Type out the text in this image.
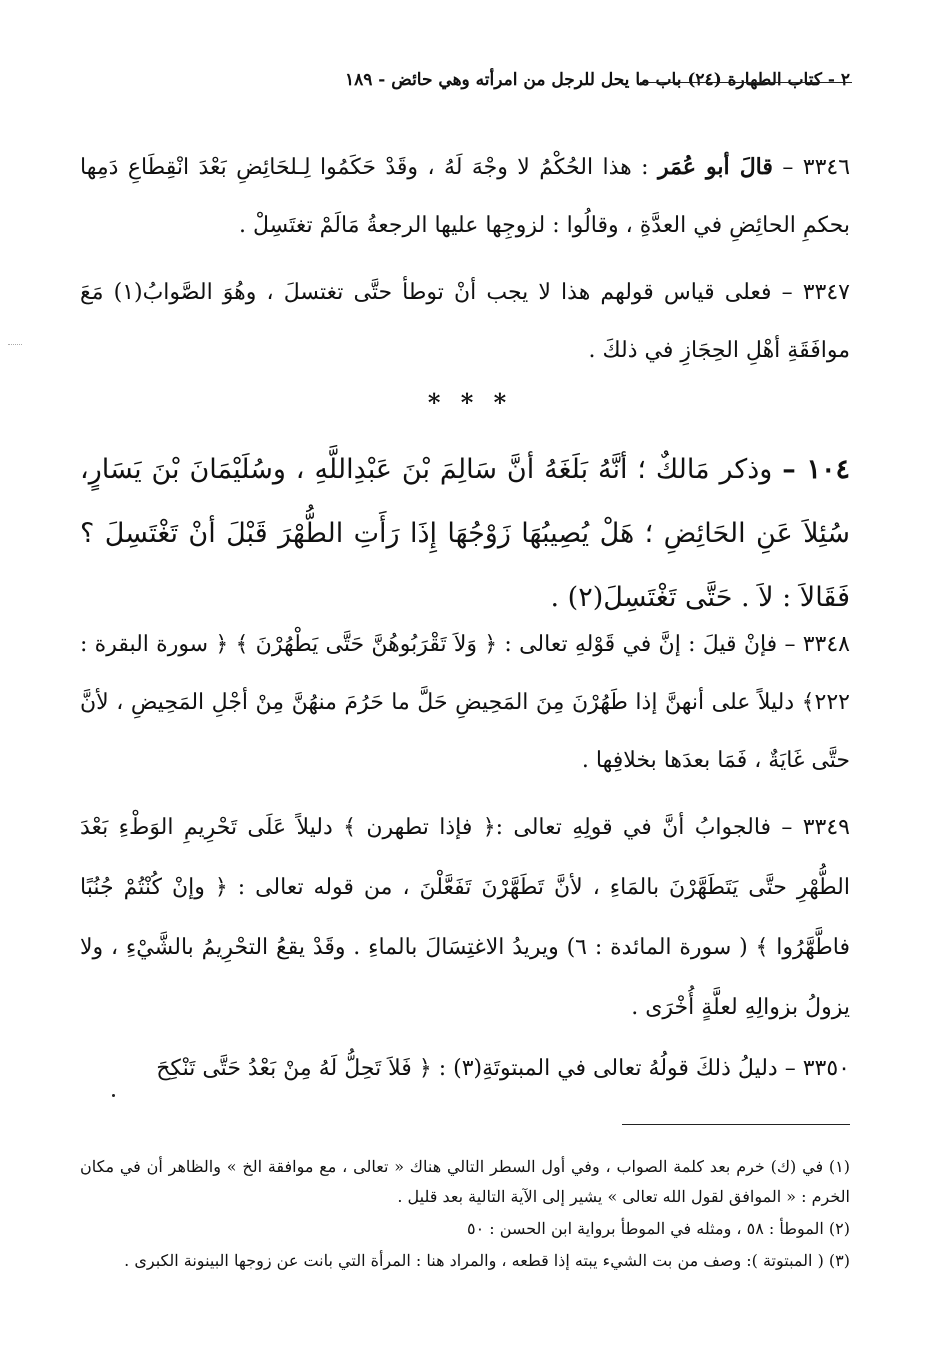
٢ - كتاب الطهارة (٢٤) باب ما يحل للرجل من امرأته وهي حائض - ١٨٩

٣٣٤٦ – قالَ أبو عُمَر : هذا الحُكْمُ لا وجْهَ لَهُ ، وقَدْ حَكَمُوا لِـلحَائِضِ بَعْدَ انْقِطَاعِ دَمِها بحكمِ الحائِضِ في العدَّةِ ، وقالُوا : لزوجِها عليها الرجعةُ مَالَمْ تغتَسِلْ .

٣٣٤٧ – فعلى قياس قولهم هذا لا يجب أنْ توطأ حتَّى تغتسلَ ، وهُوَ الصَّوابُ(١) مَعَ موافَقَةِ أهْلِ الحِجَازِ في ذلكَ .

* * *

١٠٤ – وذكر مَالكٌ ؛ أنَّهُ بَلَغَهُ أنَّ سَالِمَ بْنَ عَبْدِاللَّهِ ، وسُلَيْمَانَ بْنَ يَسَارٍ، سُئِلاَ عَنِ الحَائِضِ ؛ هَلْ يُصِيبُهَا زَوْجُهَا إِذَا رَأَتِ الطُّهْرَ قَبْلَ أنْ تَغْتَسِلَ ؟ فَقَالاَ : لاَ . حَتَّى تَغْتَسِلَ(٢) .

٣٣٤٨ – فإنْ قيلَ : إنَّ في قَوْلهِ تعالى : ﴿ وَلاَ تَقْرَبُوهُنَّ حَتَّى يَطْهُرْنَ ﴾ ﴿ سورة البقرة : ٢٢٢﴾ دليلاً على أنهنَّ إذا طَهُرْنَ مِنَ المَحِيضِ حَلَّ ما حَرُمَ منهُنَّ مِنْ أجْلِ المَحِيضِ ، لأنَّ حتَّى غَايَةٌ ، فَمَا بعدَها بخلافِها .

٣٣٤٩ – فالجوابُ أنَّ في قولِهِ تعالى :﴿ فإذا تطهرن ﴾ دليلاً عَلَى تَحْرِيمِ الوَطْءِ بَعْدَ الطُّهْرِ حتَّى يَتَطَهَّرْنَ بالمَاءِ ، لأنَّ تَطَهَّرْنَ تَفَعَّلْنَ ، من قوله تعالى : ﴿ وإنْ كُنْتُمْ جُنُبًا فاطَّهَّرُوا ﴾ ( سورة المائدة : ٦) ويريدُ الاغتِسَالَ بالماءِ . وقَدْ يقعُ التحْرِيمُ بالشَّيْءِ ، ولا يزولُ بزوالِهِ لعلَّةٍ أُخْرَى .

٣٣٥٠ – دليلُ ذلكَ قولُهُ تعالى في المبتوتَةِ(٣) : ﴿ فَلاَ تَحِلُّ لَهُ مِنْ بَعْدُ حَتَّى تَنْكِحَ

(١) في (ك) خرم بعد كلمة الصواب ، وفي أول السطر التالي هناك « تعالى ، مع موافقة الخ » والظاهر أن في مكان الخرم : « الموافق لقول الله تعالى » يشير إلى الآية التالية بعد قليل .

(٢) الموطأ : ٥٨ ، ومثله في الموطأ برواية ابن الحسن : ٥٠

(٣) ( المبتوتة ): وصف من بت الشيء يبته إذا قطعه ، والمراد هنا : المرأة التي بانت عن زوجها البينونة الكبرى .
